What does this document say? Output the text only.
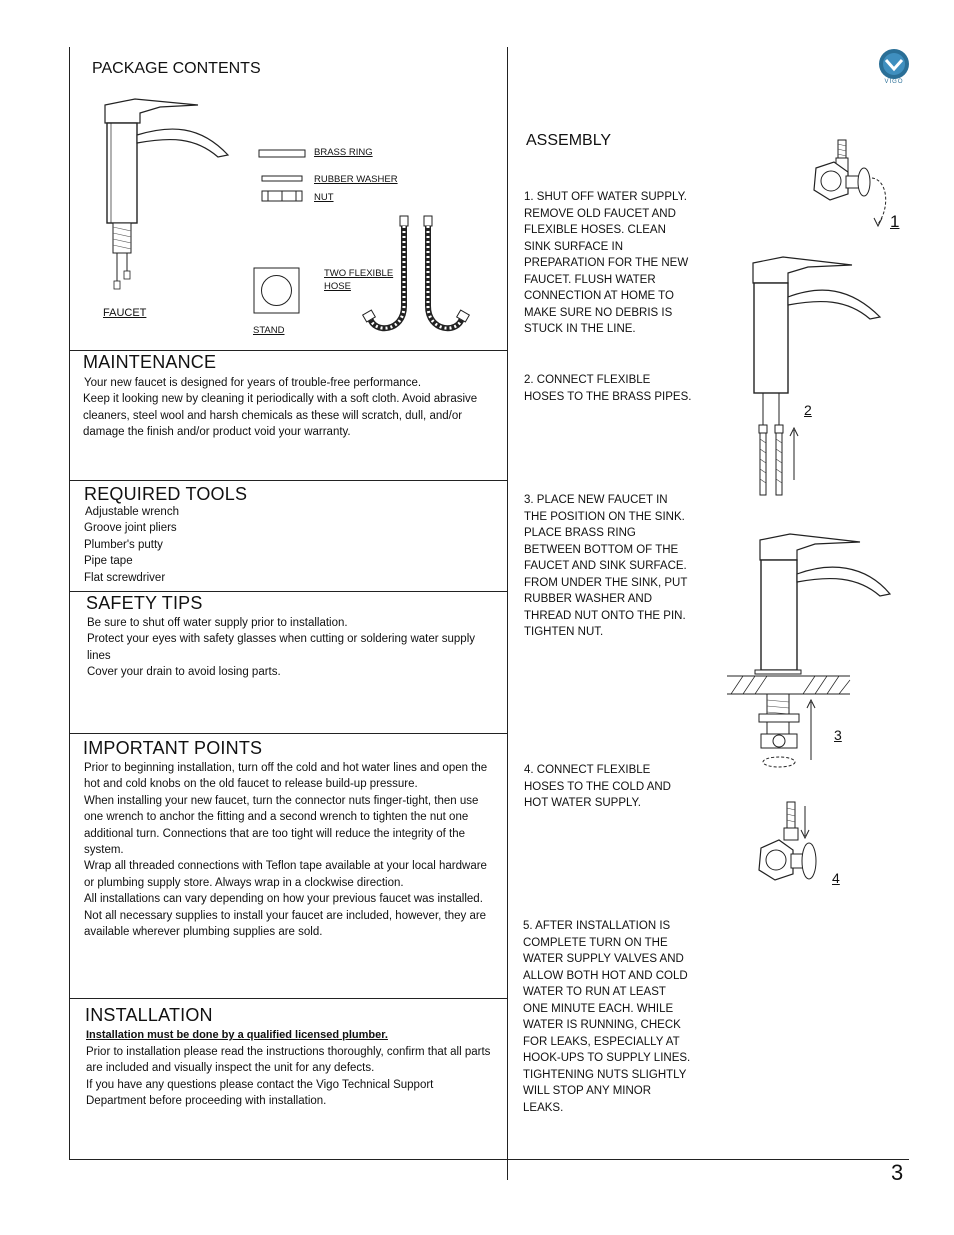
VIGO
PACKAGE CONTENTS
FAUCET
BRASS RING
RUBBER WASHER
NUT
STAND
TWO FLEXIBLE
HOSE
MAINTENANCE

Your new faucet is designed for years of trouble-free performance.

Keep it looking new by cleaning it periodically with a soft cloth. Avoid abrasive

cleaners, steel wool and harsh chemicals as these will scratch, dull, and/or

damage the finish and/or product void your warranty.

REQUIRED TOOLS

Adjustable wrench

Groove joint pliers

Plumber's putty

Pipe tape

Flat screwdriver

SAFETY TIPS

Be sure to shut off water supply prior to installation.

Protect your eyes with safety glasses when cutting or soldering water supply

lines

Cover your drain to avoid losing parts.

IMPORTANT POINTS

Prior to beginning installation, turn off the cold and hot water lines and open the

hot and cold knobs on the old faucet to release build-up pressure.

When installing your new faucet, turn the connector nuts finger-tight, then use

one wrench to anchor the fitting and a second wrench to tighten the nut one

additional turn. Connections that are too tight will reduce the integrity of the

system.

Wrap all threaded connections with Teflon tape available at your local hardware

or plumbing supply store. Always wrap in a clockwise direction.

All installations can vary depending on how your previous faucet was installed.

Not all necessary supplies to install your faucet are included, however, they are

available wherever plumbing supplies are sold.

INSTALLATION
Installation must be done by a qualified licensed plumber.

Prior to installation please read the instructions thoroughly, confirm that all parts

are included and visually inspect the unit for any defects.

If you have any questions please contact the Vigo Technical Support

Department before proceeding with installation.

ASSEMBLY

1. SHUT OFF WATER SUPPLY.

REMOVE OLD FAUCET AND

FLEXIBLE HOSES. CLEAN

SINK SURFACE IN

PREPARATION FOR THE NEW

FAUCET. FLUSH WATER

CONNECTION AT HOME TO

MAKE SURE NO DEBRIS IS

STUCK IN THE LINE.

2. CONNECT FLEXIBLE

HOSES TO THE BRASS PIPES.

3. PLACE NEW FAUCET IN

THE POSITION ON THE SINK.

PLACE BRASS RING

BETWEEN BOTTOM OF THE

FAUCET AND SINK SURFACE.

FROM UNDER THE SINK, PUT

RUBBER WASHER AND

THREAD NUT ONTO THE PIN.

TIGHTEN NUT.

4. CONNECT FLEXIBLE

HOSES TO THE COLD AND

HOT WATER SUPPLY.

5. AFTER INSTALLATION IS

COMPLETE TURN ON THE

WATER SUPPLY VALVES AND

ALLOW BOTH HOT AND COLD

WATER TO RUN AT LEAST

ONE MINUTE EACH. WHILE

WATER IS RUNNING, CHECK

FOR LEAKS, ESPECIALLY AT

HOOK-UPS TO SUPPLY LINES.

TIGHTENING NUTS SLIGHTLY

WILL STOP ANY MINOR

LEAKS.

1
2
3
4
3
